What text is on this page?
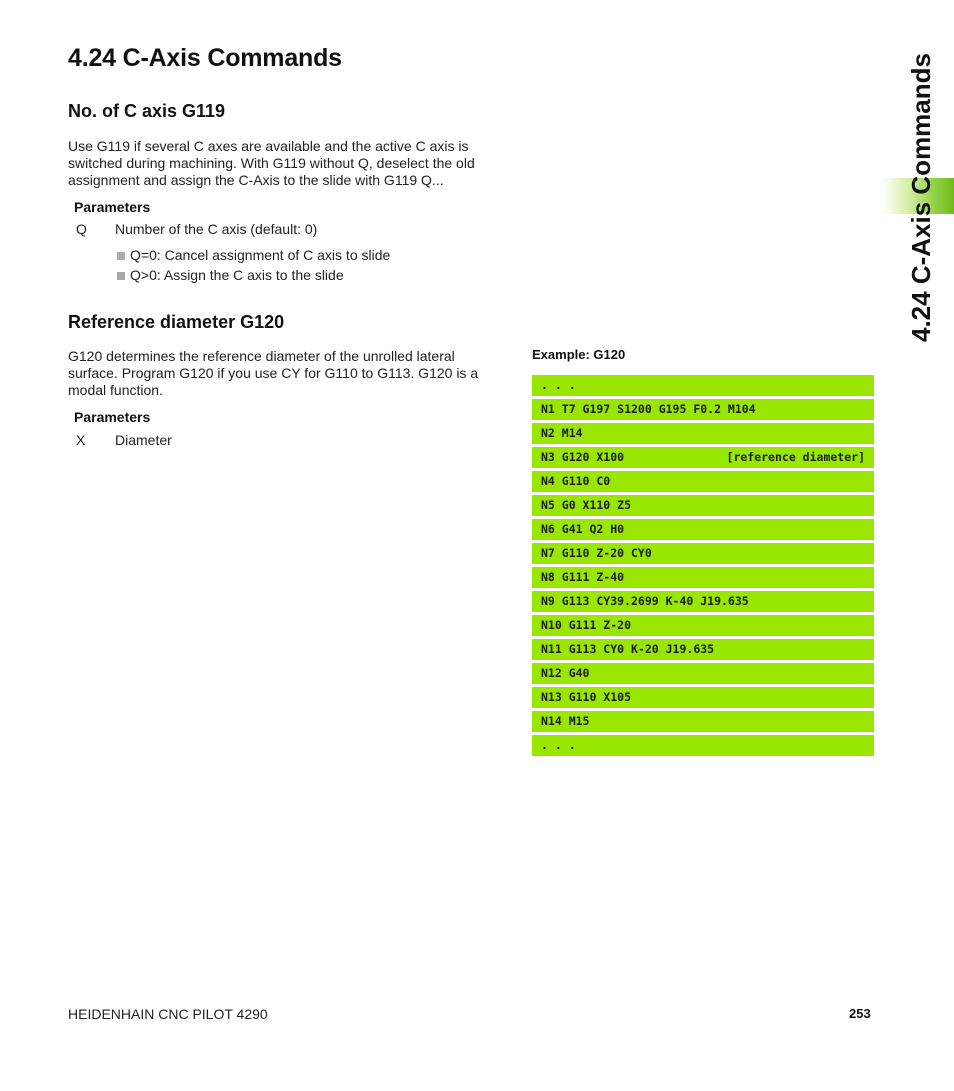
4.24 C-Axis Commands
No. of C axis G119

Use G119 if several C axes are available and the active C axis is
switched during machining. With G119 without Q, deselect the old
assignment and assign the C-Axis to the slide with G119 Q...

Parameters
Q Number of the C axis (default: 0)
Q=0: Cancel assignment of C axis to slide
Q>0: Assign the C axis to the slide
Reference diameter G120

G120 determines the reference diameter of the unrolled lateral
surface. Program G120 if you use CY for G110 to G113. G120 is a
modal function.

Parameters
X Diameter
Example: G120
. . .
N1 T7 G197 S1200 G195 F0.2 M104
N2 M14
N3 G120 X100	[reference diameter]
N4 G110 C0
N5 G0 X110 Z5
N6 G41 Q2 H0
N7 G110 Z-20 CY0
N8 G111 Z-40
N9 G113 CY39.2699 K-40 J19.635
N10 G111 Z-20
N11 G113 CY0 K-20 J19.635
N12 G40
N13 G110 X105
N14 M15
. . .
4.24 C-Axis Commands
HEIDENHAIN CNC PILOT 4290	253
